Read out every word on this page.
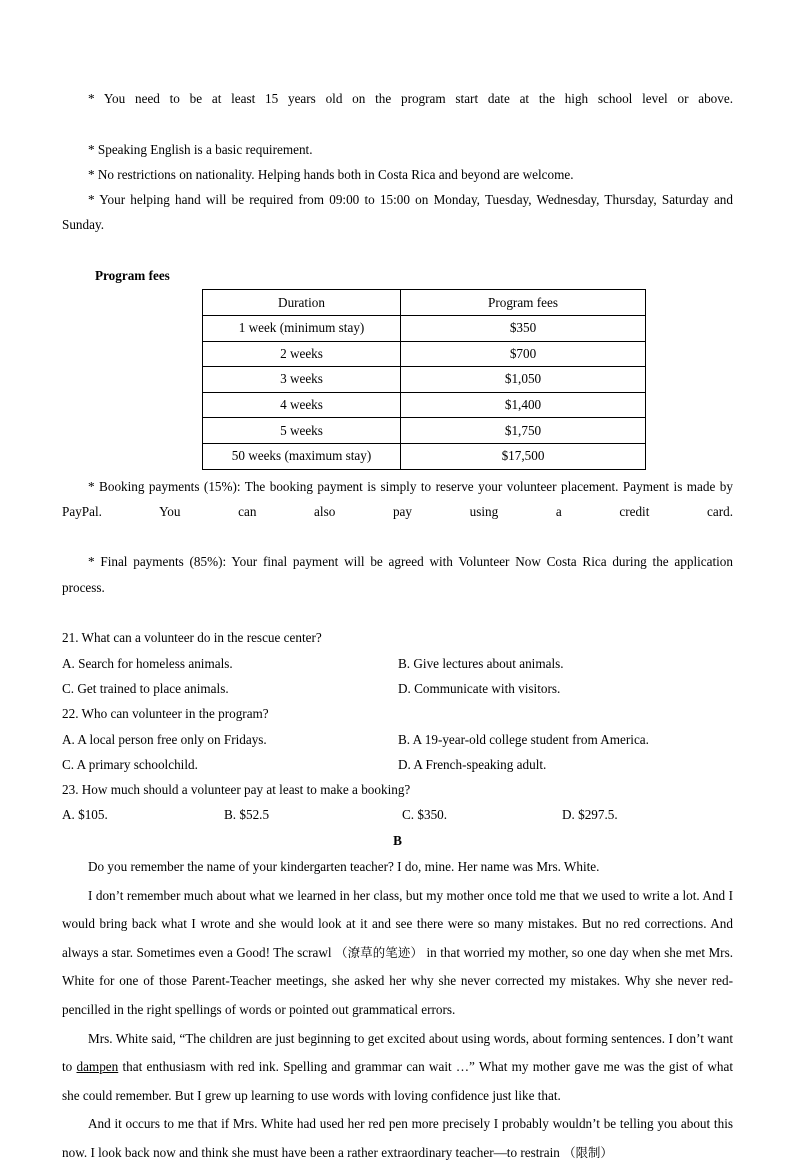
* You need to be at least 15 years old on the program start date at the high school level or above.

* Speaking English is a basic requirement.

* No restrictions on nationality. Helping hands both in Costa Rica and beyond are welcome.

* Your helping hand will be required from 09:00 to 15:00 on Monday, Tuesday, Wednesday, Thursday, Saturday and Sunday.

Program fees

Duration	Program fees
1 week (minimum stay)	$350
2 weeks	$700
3 weeks	$1,050
4 weeks	$1,400
5 weeks	$1,750
50 weeks (maximum stay)	$17,500

* Booking payments (15%): The booking payment is simply to reserve your volunteer placement. Payment is made by PayPal. You can also pay using a credit card.

* Final payments (85%): Your final payment will be agreed with Volunteer Now Costa Rica during the application process.

21. What can a volunteer do in the rescue center?

A. Search for homeless animals.	B. Give lectures about animals.
C. Get trained to place animals.	D. Communicate with visitors.

22. Who can volunteer in the program?

A. A local person free only on Fridays.	B. A 19-year-old college student from America.
C. A primary schoolchild.	D. A French-speaking adult.

23. How much should a volunteer pay at least to make a booking?

A. $105.	B. $52.5	C. $350.	D. $297.5.

B

Do you remember the name of your kindergarten teacher? I do, mine. Her name was Mrs. White.

I don’t remember much about what we learned in her class, but my mother once told me that we used to write a lot. And I would bring back what I wrote and she would look at it and see there were so many mistakes. But no red corrections. And always a star. Sometimes even a Good! The scrawl （潦草的笔迹） in that worried my mother, so one day when she met Mrs. White for one of those Parent-Teacher meetings, she asked her why she never corrected my mistakes. Why she never red-pencilled in the right spellings of words or pointed out grammatical errors.

Mrs. White said, “The children are just beginning to get excited about using words, about forming sentences. I don’t want to dampen that enthusiasm with red ink. Spelling and grammar can wait …” What my mother gave me was the gist of what she could remember. But I grew up learning to use words with loving confidence just like that.

And it occurs to me that if Mrs. White had used her red pen more precisely I probably wouldn’t be telling you about this now. I look back now and think she must have been a rather extraordinary teacher—to restrain （限制）
